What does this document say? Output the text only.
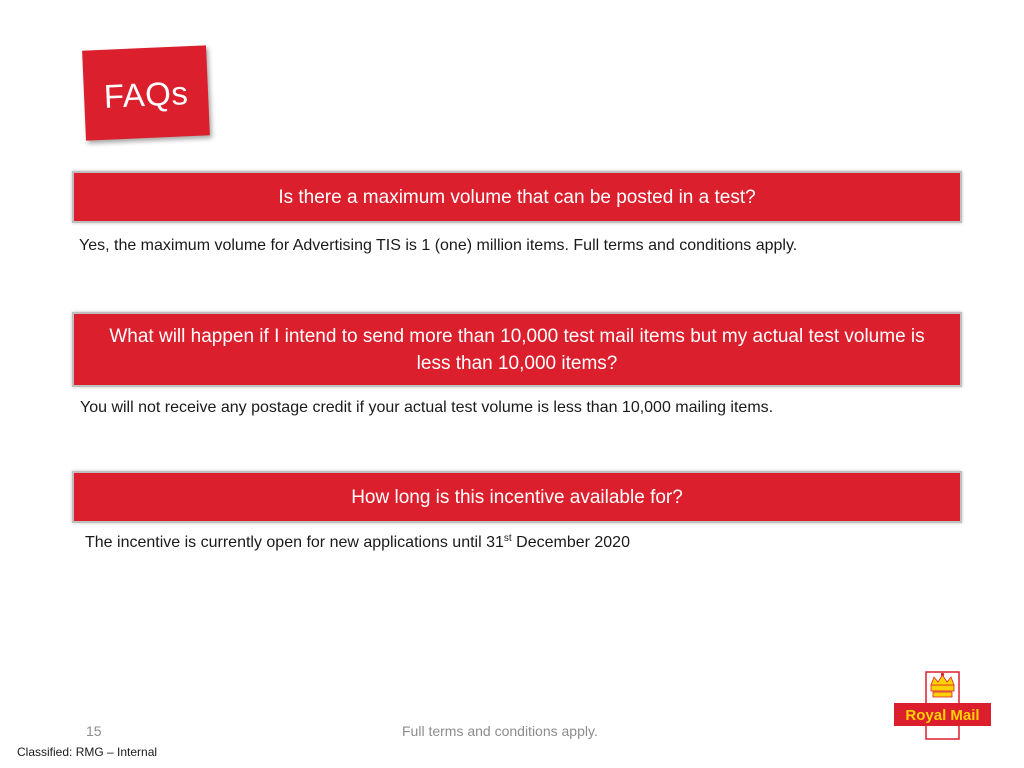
FAQs
Is there a maximum volume that can be posted in a test?
Yes, the maximum volume for Advertising TIS is 1 (one) million items. Full terms and conditions apply.
What will happen if I intend to send more than 10,000 test mail items but my actual test volume is less than 10,000 items?
You will not receive any postage credit if your actual test volume is less than 10,000 mailing items.
How long is this incentive available for?
The incentive is currently open for new applications until 31st December 2020
15	Full terms and conditions apply.
Classified: RMG – Internal
Royal Mail
